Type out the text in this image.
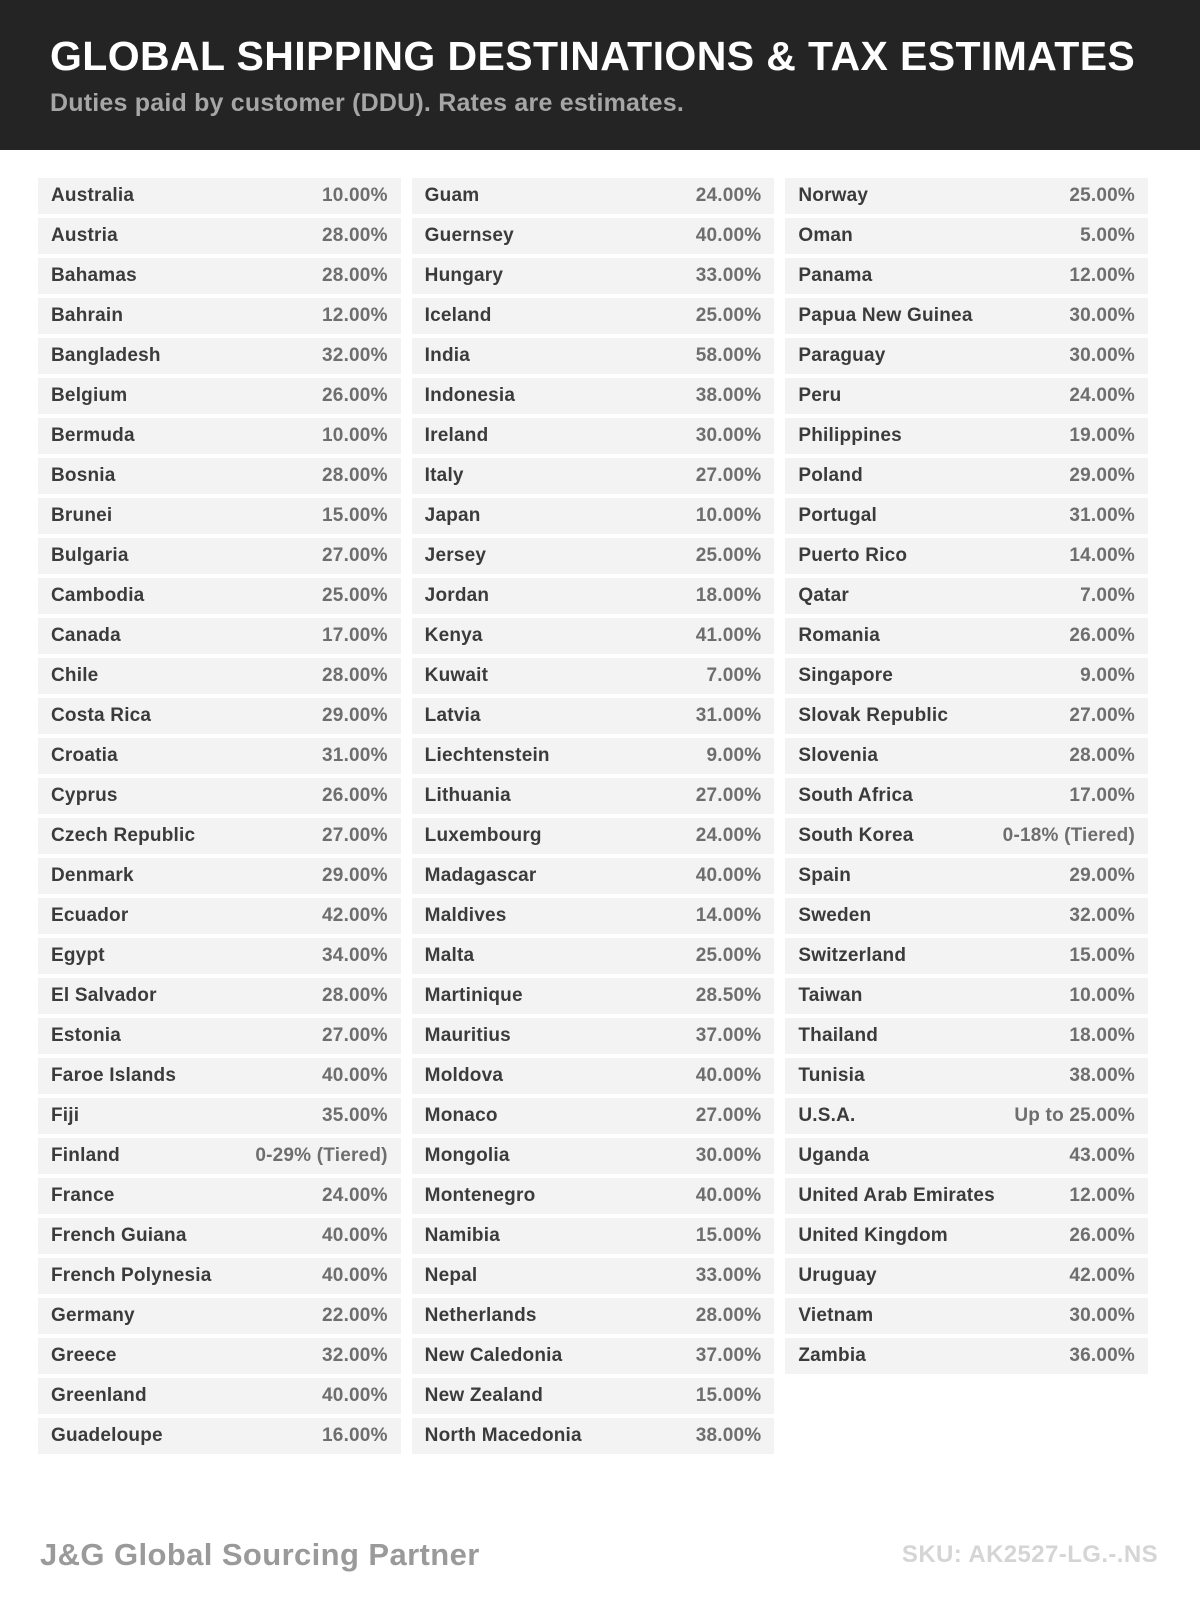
GLOBAL SHIPPING DESTINATIONS & TAX ESTIMATES
Duties paid by customer (DDU). Rates are estimates.
Australia	10.00%
Austria	28.00%
Bahamas	28.00%
Bahrain	12.00%
Bangladesh	32.00%
Belgium	26.00%
Bermuda	10.00%
Bosnia	28.00%
Brunei	15.00%
Bulgaria	27.00%
Cambodia	25.00%
Canada	17.00%
Chile	28.00%
Costa Rica	29.00%
Croatia	31.00%
Cyprus	26.00%
Czech Republic	27.00%
Denmark	29.00%
Ecuador	42.00%
Egypt	34.00%
El Salvador	28.00%
Estonia	27.00%
Faroe Islands	40.00%
Fiji	35.00%
Finland	0-29% (Tiered)
France	24.00%
French Guiana	40.00%
French Polynesia	40.00%
Germany	22.00%
Greece	32.00%
Greenland	40.00%
Guadeloupe	16.00%
Guam	24.00%
Guernsey	40.00%
Hungary	33.00%
Iceland	25.00%
India	58.00%
Indonesia	38.00%
Ireland	30.00%
Italy	27.00%
Japan	10.00%
Jersey	25.00%
Jordan	18.00%
Kenya	41.00%
Kuwait	7.00%
Latvia	31.00%
Liechtenstein	9.00%
Lithuania	27.00%
Luxembourg	24.00%
Madagascar	40.00%
Maldives	14.00%
Malta	25.00%
Martinique	28.50%
Mauritius	37.00%
Moldova	40.00%
Monaco	27.00%
Mongolia	30.00%
Montenegro	40.00%
Namibia	15.00%
Nepal	33.00%
Netherlands	28.00%
New Caledonia	37.00%
New Zealand	15.00%
North Macedonia	38.00%
Norway	25.00%
Oman	5.00%
Panama	12.00%
Papua New Guinea	30.00%
Paraguay	30.00%
Peru	24.00%
Philippines	19.00%
Poland	29.00%
Portugal	31.00%
Puerto Rico	14.00%
Qatar	7.00%
Romania	26.00%
Singapore	9.00%
Slovak Republic	27.00%
Slovenia	28.00%
South Africa	17.00%
South Korea	0-18% (Tiered)
Spain	29.00%
Sweden	32.00%
Switzerland	15.00%
Taiwan	10.00%
Thailand	18.00%
Tunisia	38.00%
U.S.A.	Up to 25.00%
Uganda	43.00%
United Arab Emirates	12.00%
United Kingdom	26.00%
Uruguay	42.00%
Vietnam	30.00%
Zambia	36.00%
J&G Global Sourcing Partner	SKU: AK2527-LG.-.NS
